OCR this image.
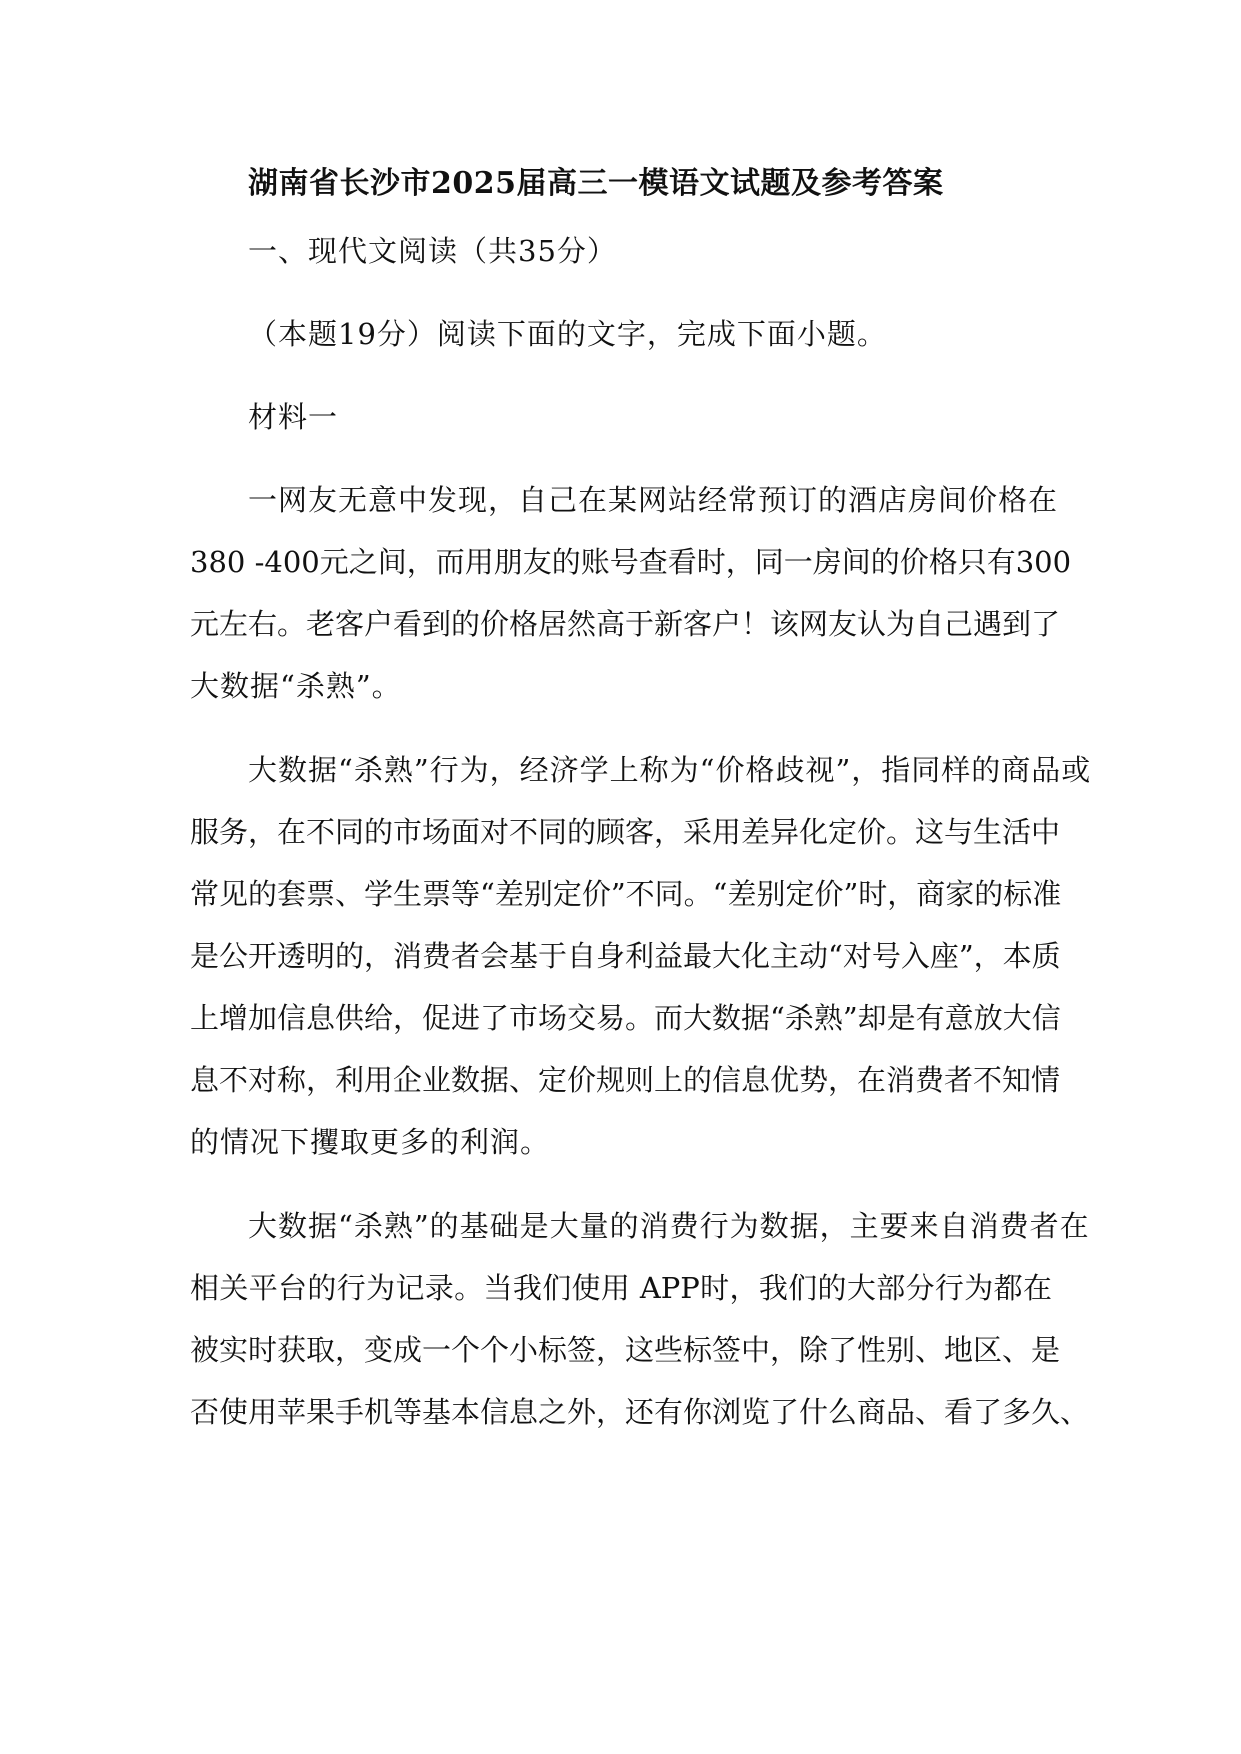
湖南省长沙市2025届高三一模语文试题及参考答案
一、现代文阅读（共35分）
（本题19分）阅读下面的文字，完成下面小题。
材料一
一网友无意中发现，自己在某网站经常预订的酒店房间价格在
380 -400元之间，而用朋友的账号查看时，同一房间的价格只有300
元左右。老客户看到的价格居然高于新客户！该网友认为自己遇到了
大数据“杀熟”。
大数据“杀熟”行为，经济学上称为“价格歧视”，指同样的商品或
服务，在不同的市场面对不同的顾客，采用差异化定价。这与生活中
常见的套票、学生票等“差别定价”不同。“差别定价”时，商家的标准
是公开透明的，消费者会基于自身利益最大化主动“对号入座”，本质
上增加信息供给，促进了市场交易。而大数据“杀熟”却是有意放大信
息不对称，利用企业数据、定价规则上的信息优势，在消费者不知情
的情况下攫取更多的利润。
大数据“杀熟”的基础是大量的消费行为数据，主要来自消费者在
相关平台的行为记录。当我们使用 APP时，我们的大部分行为都在
被实时获取，变成一个个小标签，这些标签中，除了性别、地区、是
否使用苹果手机等基本信息之外，还有你浏览了什么商品、看了多久、
